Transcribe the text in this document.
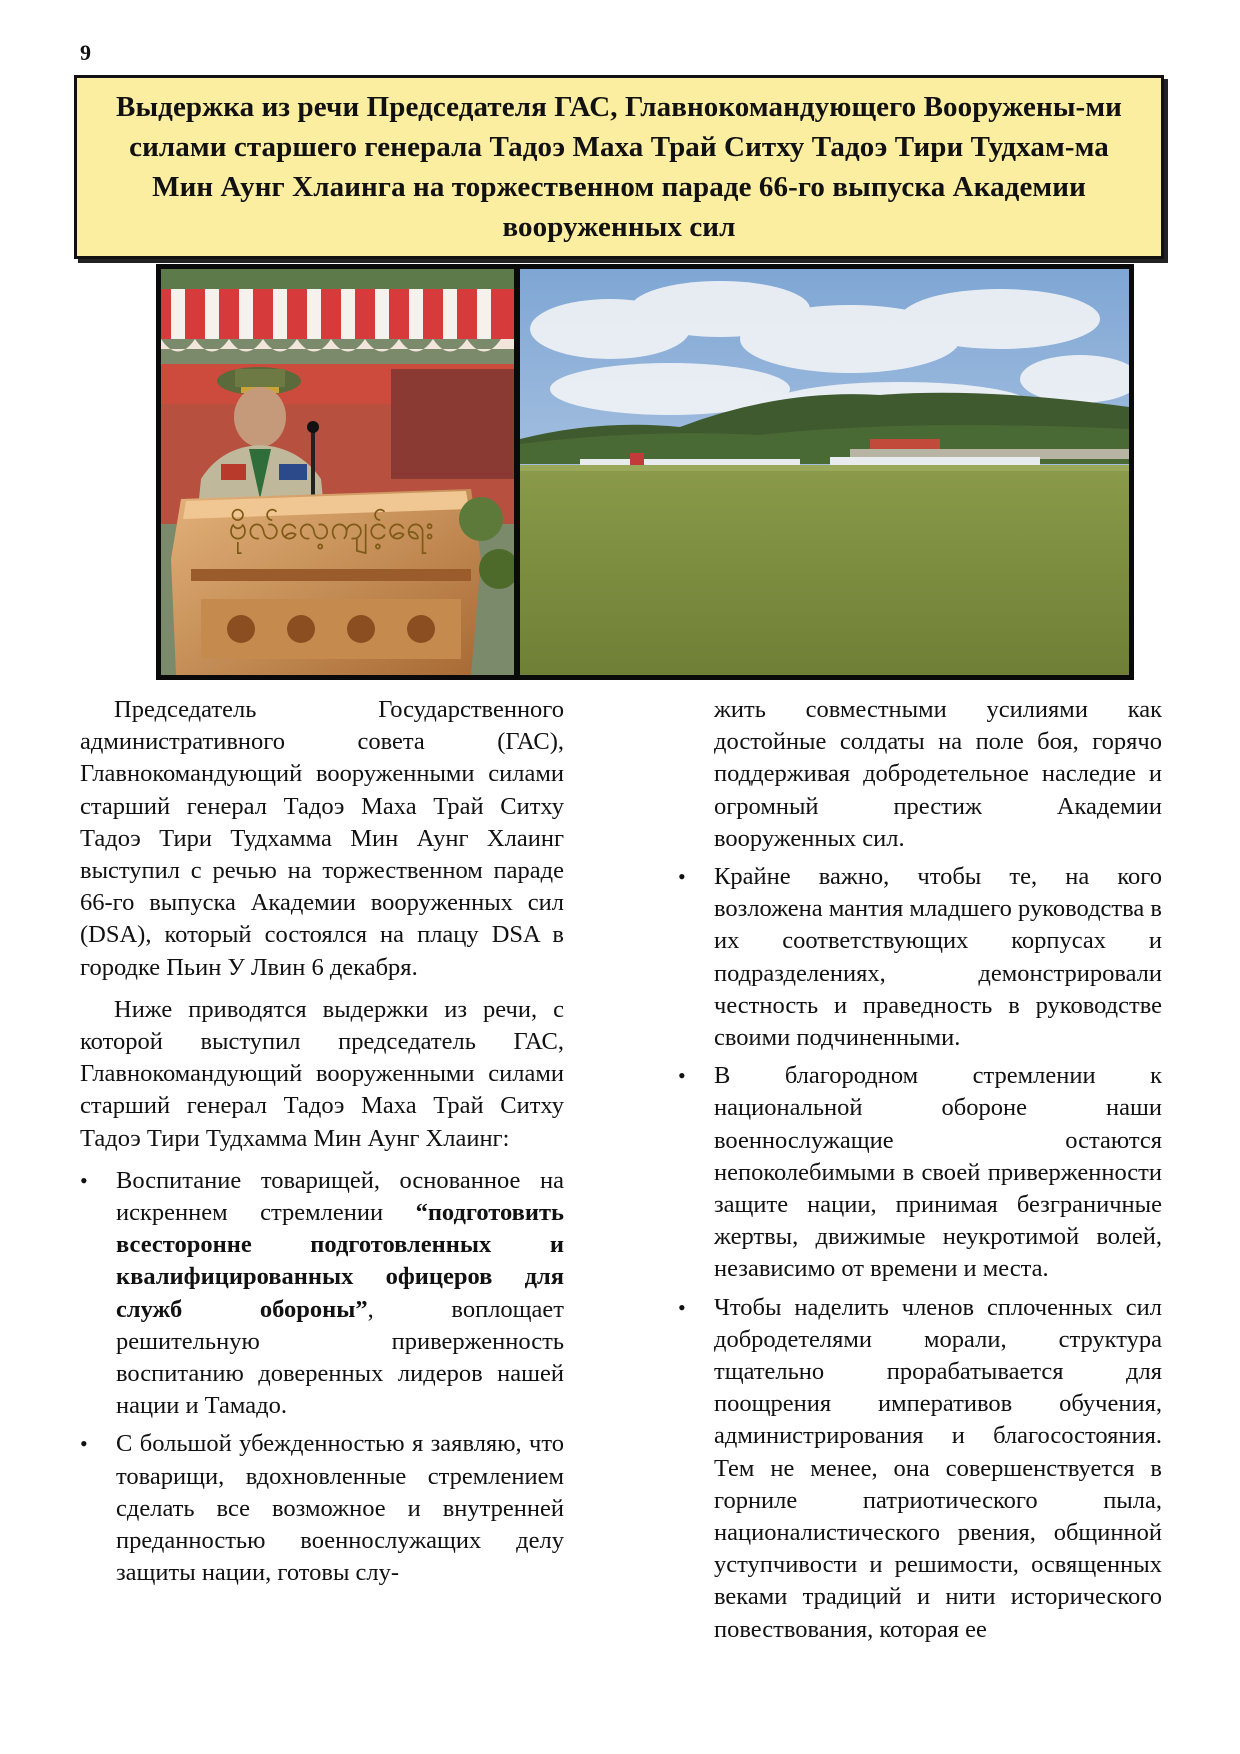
9
Выдержка из речи Председателя ГАС, Главнокомандующего Вооружены-ми силами старшего генерала Тадоэ Маха Трай Ситху Тадоэ Тири Тудхам-ма Мин Аунг Хлаинга на торжественном параде 66-го выпуска Академии вооруженных сил
ဗိုလ်လေ့ကျင့်ရေး

Председатель Государственного административного совета (ГАС), Главнокомандующий вооруженными силами старший генерал Тадоэ Маха Трай Ситху Тадоэ Тири Тудхамма Мин Аунг Хлаинг выступил с речью на торжественном параде 66-го выпуска Академии вооруженных сил (DSA), который состоялся на плацу DSA в городке Пьин У Лвин 6 декабря.

Ниже приводятся выдержки из речи, с которой выступил председатель ГАС, Главнокомандующий вооруженными силами старший генерал Тадоэ Маха Трай Ситху Тадоэ Тири Тудхамма Мин Аунг Хлаинг:

• Воспитание товарищей, основанное на искреннем стремлении “подготовить всесторонне подготовленных и квалифицированных офицеров для служб обороны”, воплощает решительную приверженность воспитанию доверенных лидеров нашей нации и Тамадо.
• С большой убежденностью я заявляю, что товарищи, вдохновленные стремлением сделать все возможное и внутренней преданностью военнослужащих делу защиты нации, готовы слу-
жить совместными усилиями как достойные солдаты на поле боя, горячо поддерживая добродетельное наследие и огромный престиж Академии вооруженных сил.
• Крайне важно, чтобы те, на кого возложена мантия младшего руководства в их соответствующих корпусах и подразделениях, демонстрировали честность и праведность в руководстве своими подчиненными.
• В благородном стремлении к национальной обороне наши военнослужащие остаются непоколебимыми в своей приверженности защите нации, принимая безграничные жертвы, движимые неукротимой волей, независимо от времени и места.
• Чтобы наделить членов сплоченных сил добродетелями морали, структура тщательно прорабатывается для поощрения императивов обучения, администрирования и благосостояния. Тем не менее, она совершенствуется в горниле патриотического пыла, националистического рвения, общинной уступчивости и решимости, освященных веками традиций и нити исторического повествования, которая ее
